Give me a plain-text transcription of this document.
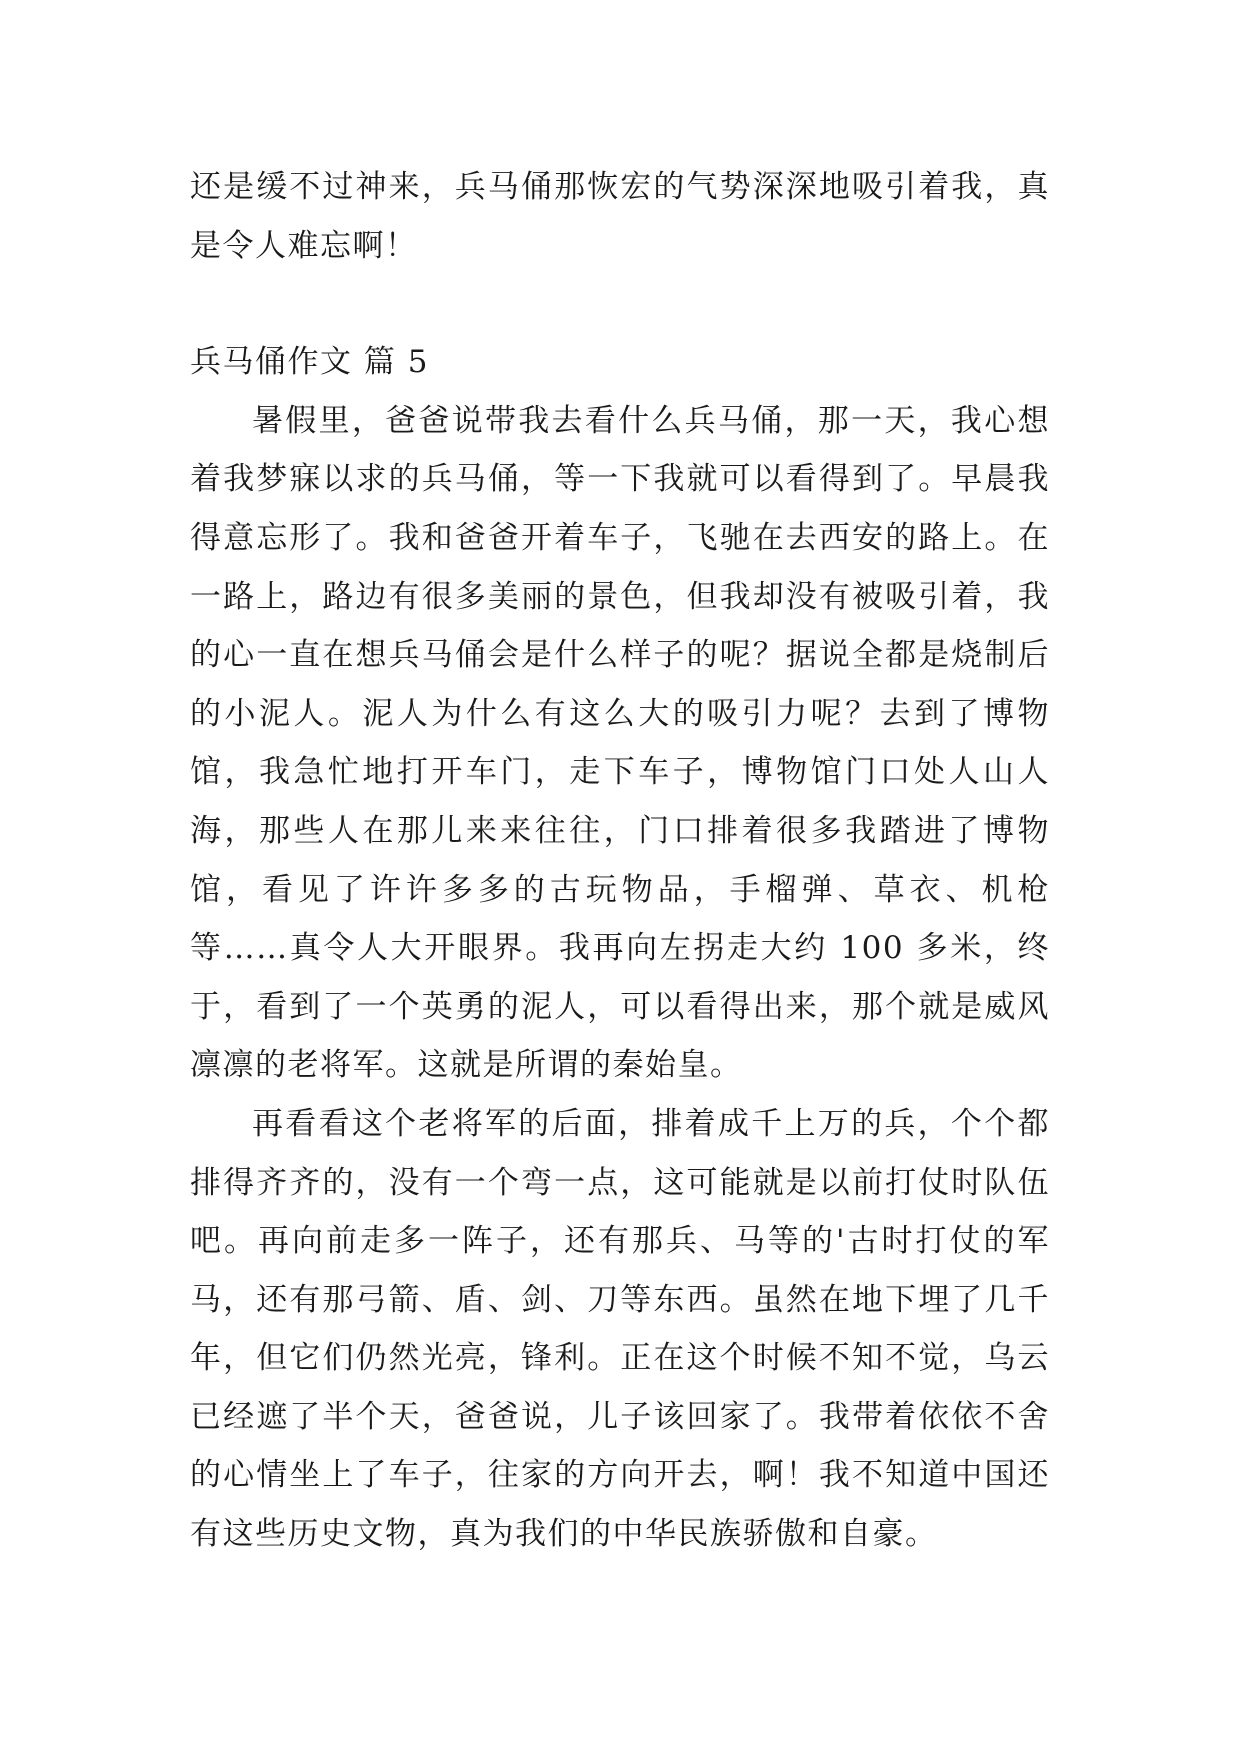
还是缓不过神来，兵马俑那恢宏的气势深深地吸引着我，真是令人难忘啊！

兵马俑作文 篇 5

暑假里，爸爸说带我去看什么兵马俑，那一天，我心想着我梦寐以求的兵马俑，等一下我就可以看得到了。早晨我得意忘形了。我和爸爸开着车子，飞驰在去西安的路上。在一路上，路边有很多美丽的景色，但我却没有被吸引着，我的心一直在想兵马俑会是什么样子的呢？据说全都是烧制后的小泥人。泥人为什么有这么大的吸引力呢？去到了博物馆，我急忙地打开车门，走下车子，博物馆门口处人山人海，那些人在那儿来来往往，门口排着很多我踏进了博物馆，看见了许许多多的古玩物品，手榴弹、草衣、机枪等……真令人大开眼界。我再向左拐走大约 100 多米，终于，看到了一个英勇的泥人，可以看得出来，那个就是威风凛凛的老将军。这就是所谓的秦始皇。

再看看这个老将军的后面，排着成千上万的兵，个个都排得齐齐的，没有一个弯一点，这可能就是以前打仗时队伍吧。再向前走多一阵子，还有那兵、马等的'古时打仗的军马，还有那弓箭、盾、剑、刀等东西。虽然在地下埋了几千年，但它们仍然光亮，锋利。正在这个时候不知不觉，乌云已经遮了半个天，爸爸说，儿子该回家了。我带着依依不舍的心情坐上了车子，往家的方向开去，啊！我不知道中国还有这些历史文物，真为我们的中华民族骄傲和自豪。
